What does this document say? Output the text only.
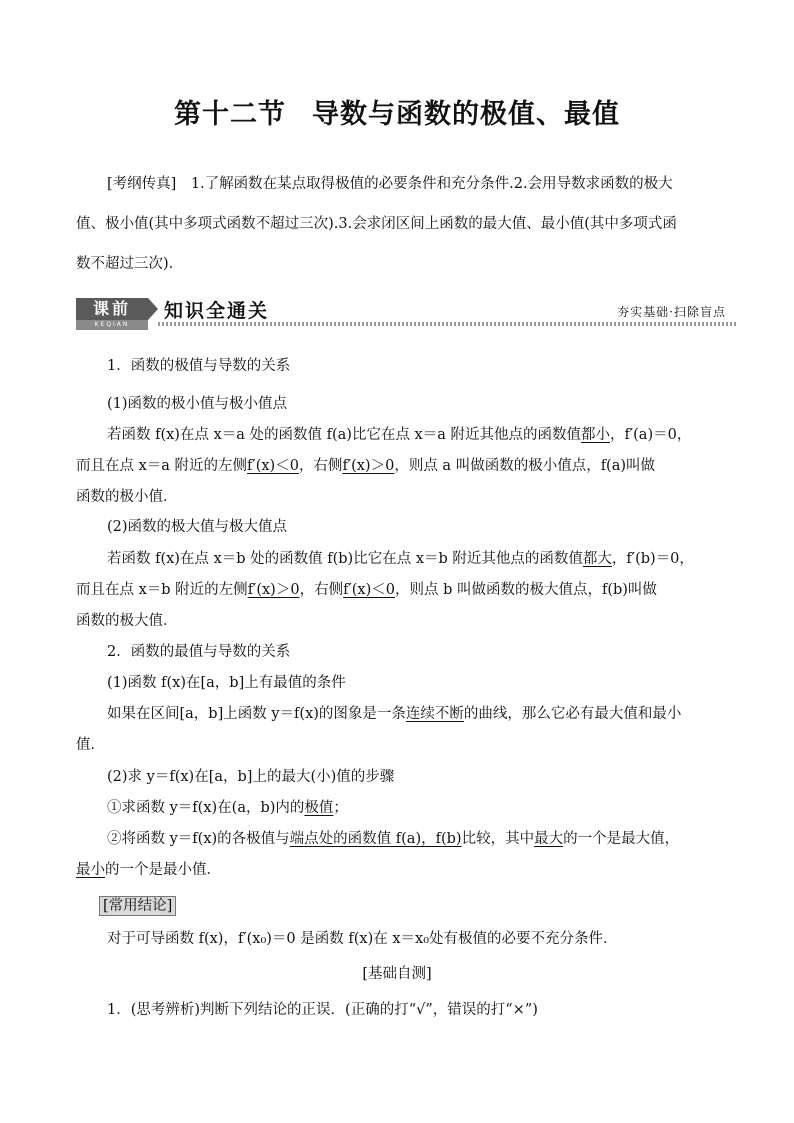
第十二节 导数与函数的极值、最值
[考纲传真]　1.了解函数在某点取得极值的必要条件和充分条件.2.会用导数求函数的极大
值、极小值(其中多项式函数不超过三次).3.会求闭区间上函数的最大值、最小值(其中多项式函
数不超过三次)．
课前
KEQIAN
知识全通关	夯实基础·扫除盲点
1．函数的极值与导数的关系
(1)函数的极小值与极小值点
若函数 f(x)在点 x＝a 处的函数值 f(a)比它在点 x＝a 附近其他点的函数值都小，f′(a)＝0，
而且在点 x＝a 附近的左侧f′(x)＜0，右侧f′(x)＞0，则点 a 叫做函数的极小值点，f(a)叫做
函数的极小值．
(2)函数的极大值与极大值点
若函数 f(x)在点 x＝b 处的函数值 f(b)比它在点 x＝b 附近其他点的函数值都大，f′(b)＝0，
而且在点 x＝b 附近的左侧f′(x)＞0，右侧f′(x)＜0，则点 b 叫做函数的极大值点，f(b)叫做
函数的极大值．
2．函数的最值与导数的关系
(1)函数 f(x)在[a，b]上有最值的条件
如果在区间[a，b]上函数 y＝f(x)的图象是一条连续不断的曲线，那么它必有最大值和最小
值．
(2)求 y＝f(x)在[a，b]上的最大(小)值的步骤
①求函数 y＝f(x)在(a，b)内的极值；
②将函数 y＝f(x)的各极值与端点处的函数值 f(a)，f(b)比较，其中最大的一个是最大值，
最小的一个是最小值．
[常用结论]
对于可导函数 f(x)，f′(x₀)＝0 是函数 f(x)在 x＝x₀处有极值的必要不充分条件．
[基础自测]
1．(思考辨析)判断下列结论的正误．(正确的打“√”，错误的打“×”)
